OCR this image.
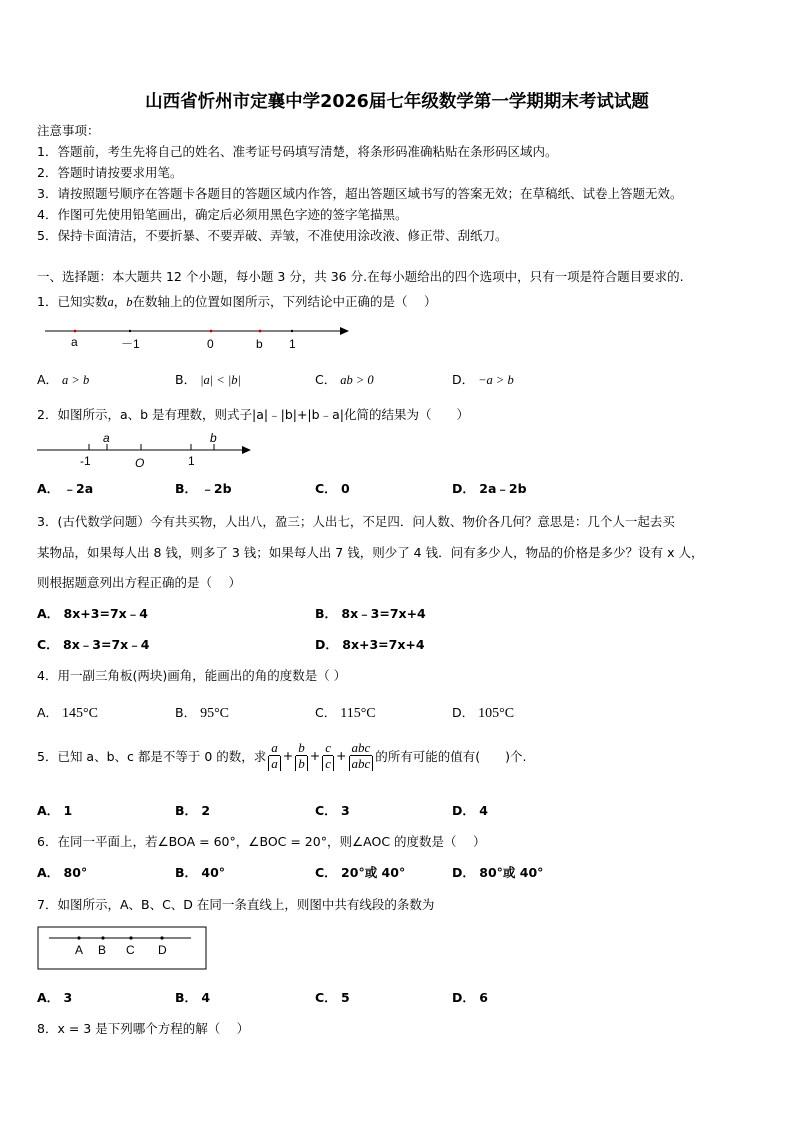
山西省忻州市定襄中学2026届七年级数学第一学期期末考试试题
注意事项：
1．答题前，考生先将自己的姓名、准考证号码填写清楚，将条形码准确粘贴在条形码区域内。
2．答题时请按要求用笔。
3．请按照题号顺序在答题卡各题目的答题区域内作答，超出答题区域书写的答案无效；在草稿纸、试卷上答题无效。
4．作图可先使用铅笔画出，确定后必须用黑色字迹的签字笔描黑。
5．保持卡面清洁，不要折暴、不要弄破、弄皱，不准使用涂改液、修正带、刮纸刀。
一、选择题：本大题共 12 个小题，每小题 3 分，共 36 分.在每小题给出的四个选项中，只有一项是符合题目要求的.
1．已知实数a，b在数轴上的位置如图所示，下列结论中正确的是（　 ）
a	－1	0	b 1
A． a > b	B． |a| < |b|	C． ab > 0	D． −a > b
2．如图所示，a、b 是有理数，则式子|a|﹣|b|+|b﹣a|化简的结果为（　　）
a	b
-1	O	1
A． ﹣2a	B． ﹣2b	C． 0	D． 2a﹣2b
3．(古代数学问题）今有共买物，人出八，盈三；人出七，不足四．问人数、物价各几何？意思是：几个人一起去买
某物品，如果每人出 8 钱，则多了 3 钱；如果每人出 7 钱，则少了 4 钱．问有多少人，物品的价格是多少？设有 x 人，
则根据题意列出方程正确的是（　 ）
A． 8x+3=7x﹣4	B． 8x﹣3=7x+4
C． 8x﹣3=7x﹣4	D． 8x+3=7x+4
4．用一副三角板(两块)画角，能画出的角的度数是（ ）
A． 145°C	B． 95°C	C． 115°C	D． 105°C
5．已知 a、b、c 都是不等于 0 的数，求 $\frac{a}{a} + \frac{b}{b} + \frac{c}{c} + \frac{\text{abc}}{\text{abc}}$ 的所有可能的值有(　　)个.
A． 1	B． 2	C． 3	D． 4
6．在同一平面上，若∠BOA = 60°，∠BOC = 20°，则∠AOC 的度数是（　 ）
A． 80°	B． 40°	C． 20°或 40°	D． 80°或 40°
7．如图所示，A、B、C、D 在同一条直线上，则图中共有线段的条数为
A B C D
A． 3	B． 4	C． 5	D． 6
8．x = 3 是下列哪个方程的解（　 ）
